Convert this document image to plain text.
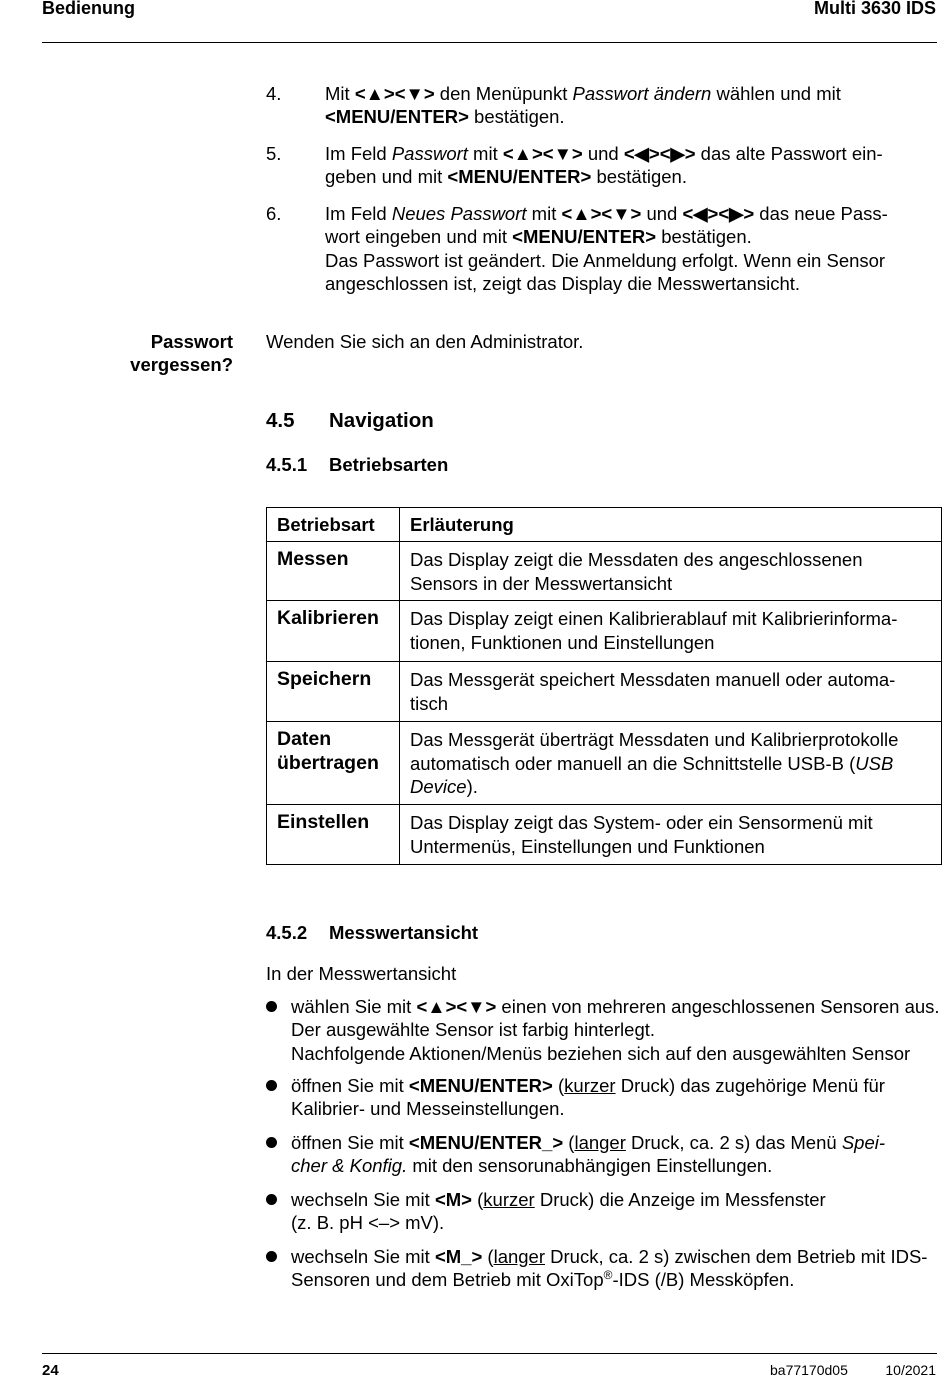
Bedienung	Multi 3630 IDS
4. Mit <▲><▼> den Menüpunkt Passwort ändern wählen und mit <MENU/ENTER> bestätigen.
5. Im Feld Passwort mit <▲><▼> und <◀><▶> das alte Passwort ein-
geben und mit <MENU/ENTER> bestätigen.
6. Im Feld Neues Passwort mit <▲><▼> und <◀><▶> das neue Pass-
wort eingeben und mit <MENU/ENTER> bestätigen.
Das Passwort ist geändert. Die Anmeldung erfolgt. Wenn ein Sensor angeschlossen ist, zeigt das Display die Messwertansicht.
Passwort
vergessen?
Wenden Sie sich an den Administrator.
4.5 Navigation
4.5.1 Betriebsarten
Betriebsart	Erläuterung
Messen	Das Display zeigt die Messdaten des angeschlossenen Sensors in der Messwertansicht
Kalibrieren	Das Display zeigt einen Kalibrierablauf mit Kalibrierinforma-
tionen, Funktionen und Einstellungen
Speichern	Das Messgerät speichert Messdaten manuell oder automa-
tisch
Daten übertragen	Das Messgerät überträgt Messdaten und Kalibrierprotokolle automatisch oder manuell an die Schnittstelle USB-B (USB Device).
Einstellen	Das Display zeigt das System- oder ein Sensormenü mit Untermenüs, Einstellungen und Funktionen
4.5.2 Messwertansicht
In der Messwertansicht
wählen Sie mit <▲><▼> einen von mehreren angeschlossenen Sensoren aus. Der ausgewählte Sensor ist farbig hinterlegt.
Nachfolgende Aktionen/Menüs beziehen sich auf den ausgewählten Sensor
öffnen Sie mit <MENU/ENTER> (kurzer Druck) das zugehörige Menü für Kalibrier- und Messeinstellungen.
öffnen Sie mit <MENU/ENTER_> (langer Druck, ca. 2 s) das Menü Spei-
cher & Konfig. mit den sensorunabhängigen Einstellungen.
wechseln Sie mit <M> (kurzer Druck) die Anzeige im Messfenster
(z. B. pH <–> mV).
wechseln Sie mit <M_> (langer Druck, ca. 2 s) zwischen dem Betrieb mit IDS-Sensoren und dem Betrieb mit OxiTop®-IDS (/B) Messköpfen.
24	ba77170d05	10/2021
